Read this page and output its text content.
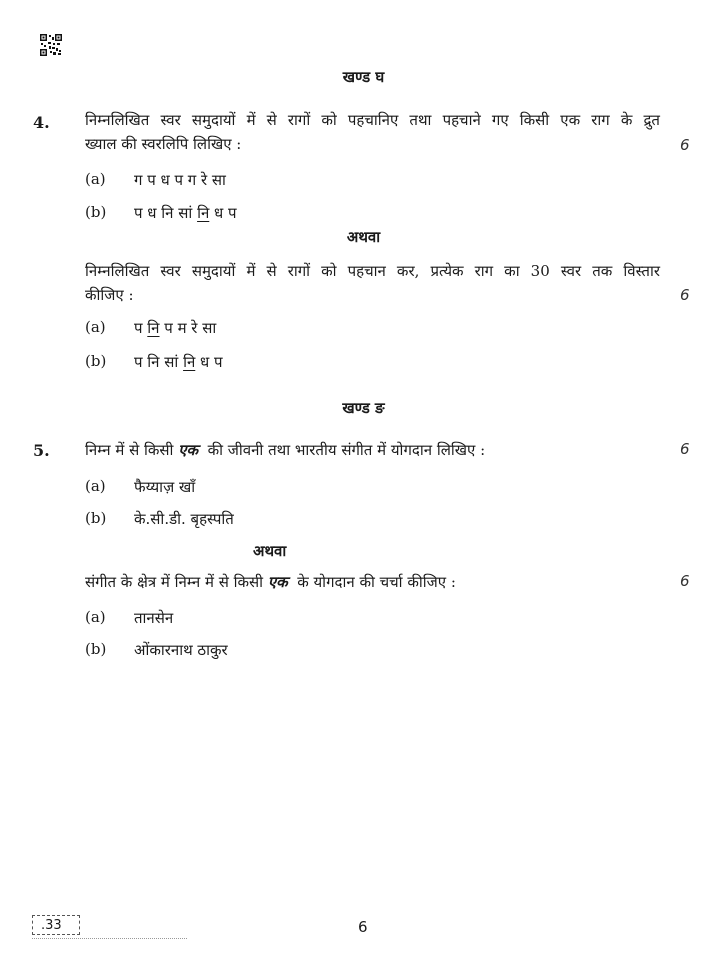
खण्ड घ
4. निम्नलिखित स्वर समुदायों में से रागों को पहचानिए तथा पहचाने गए किसी एक राग के द्रुत
ख्याल की स्वरलिपि लिखिए :	6
(a) ग प ध प ग रे सा
(b) प ध नि सां नि ध प
अथवा
निम्नलिखित स्वर समुदायों में से रागों को पहचान कर, प्रत्येक राग का 30 स्वर तक विस्तार
कीजिए :	6
(a) प नि प म रे सा
(b) प नि सां नि ध प
खण्ड ङ
5. निम्न में से किसी एक  की जीवनी तथा भारतीय संगीत में योगदान लिखिए :	6
(a) फैय्याज़ खाँ
(b) के.सी.डी. बृहस्पति
अथवा
संगीत के क्षेत्र में निम्न में से किसी एक  के योगदान की चर्चा कीजिए :	6
(a) तानसेन
(b) ओंकारनाथ ठाकुर
.33	6
